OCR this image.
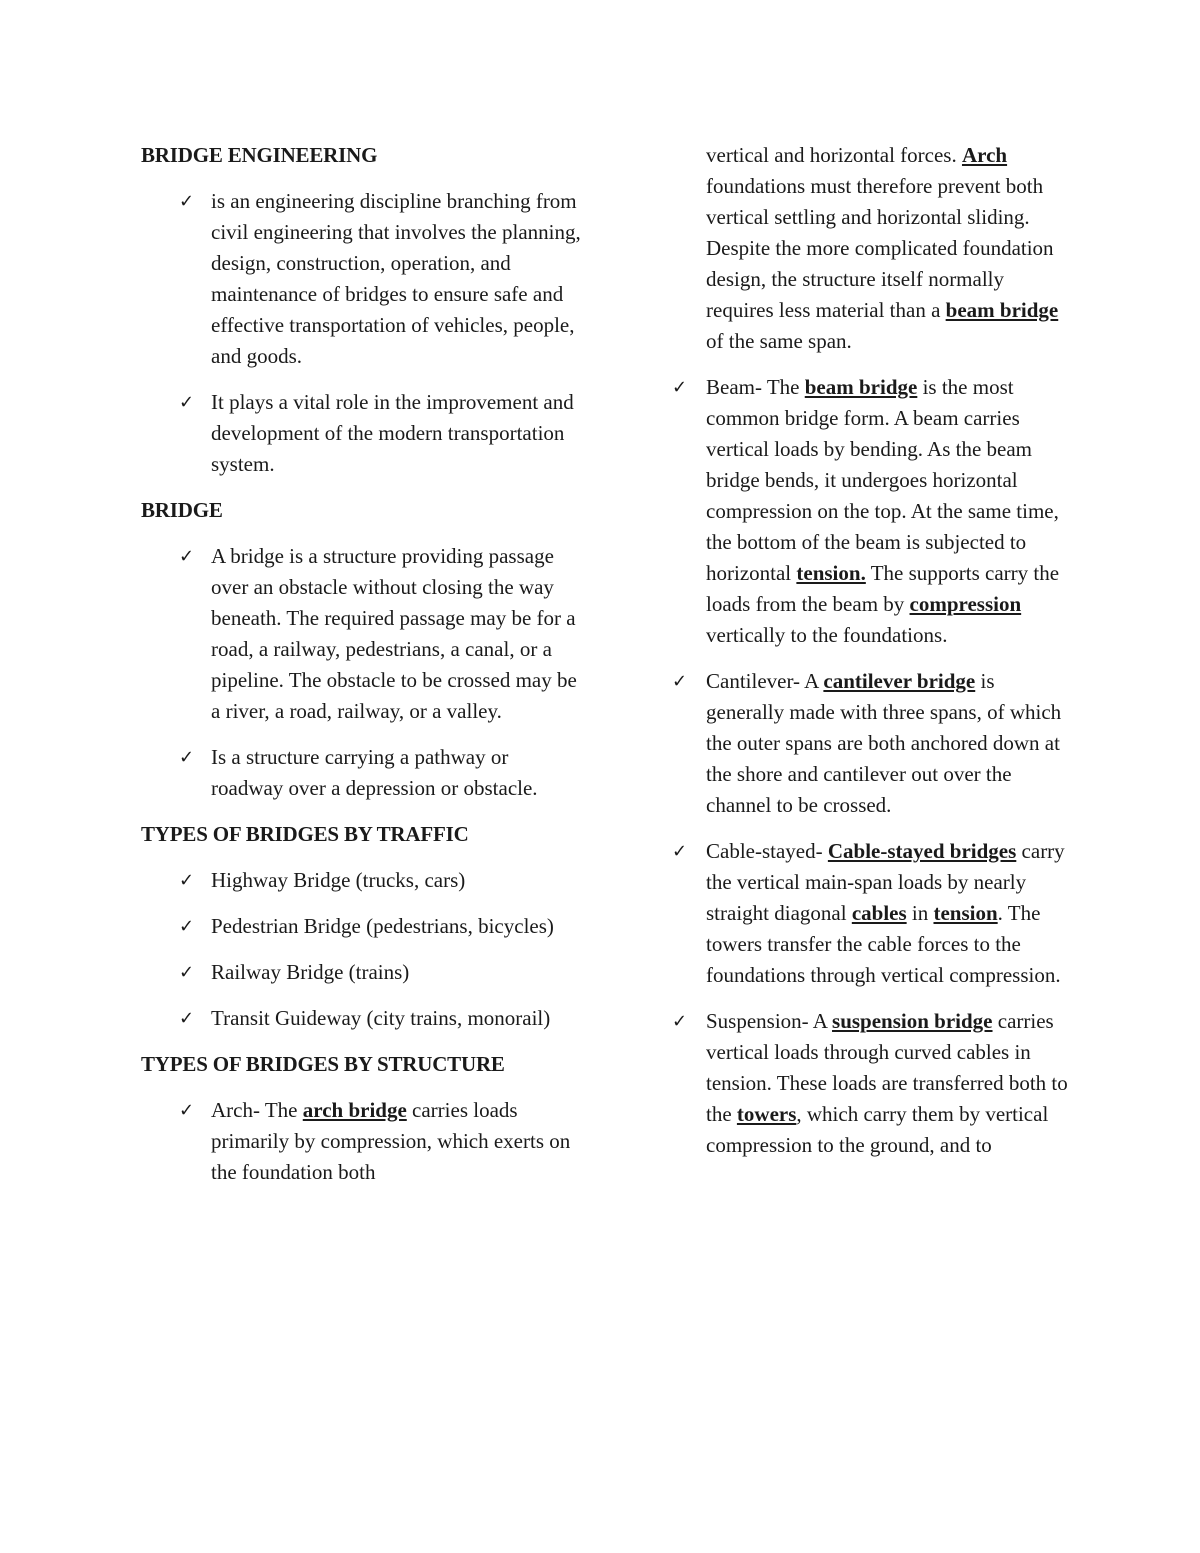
BRIDGE ENGINEERING

✓ is an engineering discipline branching from civil engineering that involves the planning, design, construction, operation, and maintenance of bridges to ensure safe and effective transportation of vehicles, people, and goods.
✓ It plays a vital role in the improvement and development of the modern transportation system.

BRIDGE

✓ A bridge is a structure providing passage over an obstacle without closing the way beneath. The required passage may be for a road, a railway, pedestrians, a canal, or a pipeline. The obstacle to be crossed may be a river, a road, railway, or a valley.
✓ Is a structure carrying a pathway or roadway over a depression or obstacle.

TYPES OF BRIDGES BY TRAFFIC

✓ Highway Bridge (trucks, cars)
✓ Pedestrian Bridge (pedestrians, bicycles)
✓ Railway Bridge (trains)
✓ Transit Guideway (city trains, monorail)

TYPES OF BRIDGES BY STRUCTURE

✓ Arch- The arch bridge carries loads primarily by compression, which exerts on the foundation both
vertical and horizontal forces. Arch foundations must therefore prevent both vertical settling and horizontal sliding. Despite the more complicated foundation design, the structure itself normally requires less material than a beam bridge of the same span.
✓ Beam- The beam bridge is the most common bridge form. A beam carries vertical loads by bending. As the beam bridge bends, it undergoes horizontal compression on the top. At the same time, the bottom of the beam is subjected to horizontal tension. The supports carry the loads from the beam by compression vertically to the foundations.
✓ Cantilever- A cantilever bridge is generally made with three spans, of which the outer spans are both anchored down at the shore and cantilever out over the channel to be crossed.
✓ Cable-stayed- Cable-stayed bridges carry the vertical main-span loads by nearly straight diagonal cables in tension. The towers transfer the cable forces to the foundations through vertical compression.
✓ Suspension- A suspension bridge carries vertical loads through curved cables in tension. These loads are transferred both to the towers, which carry them by vertical compression to the ground, and to
